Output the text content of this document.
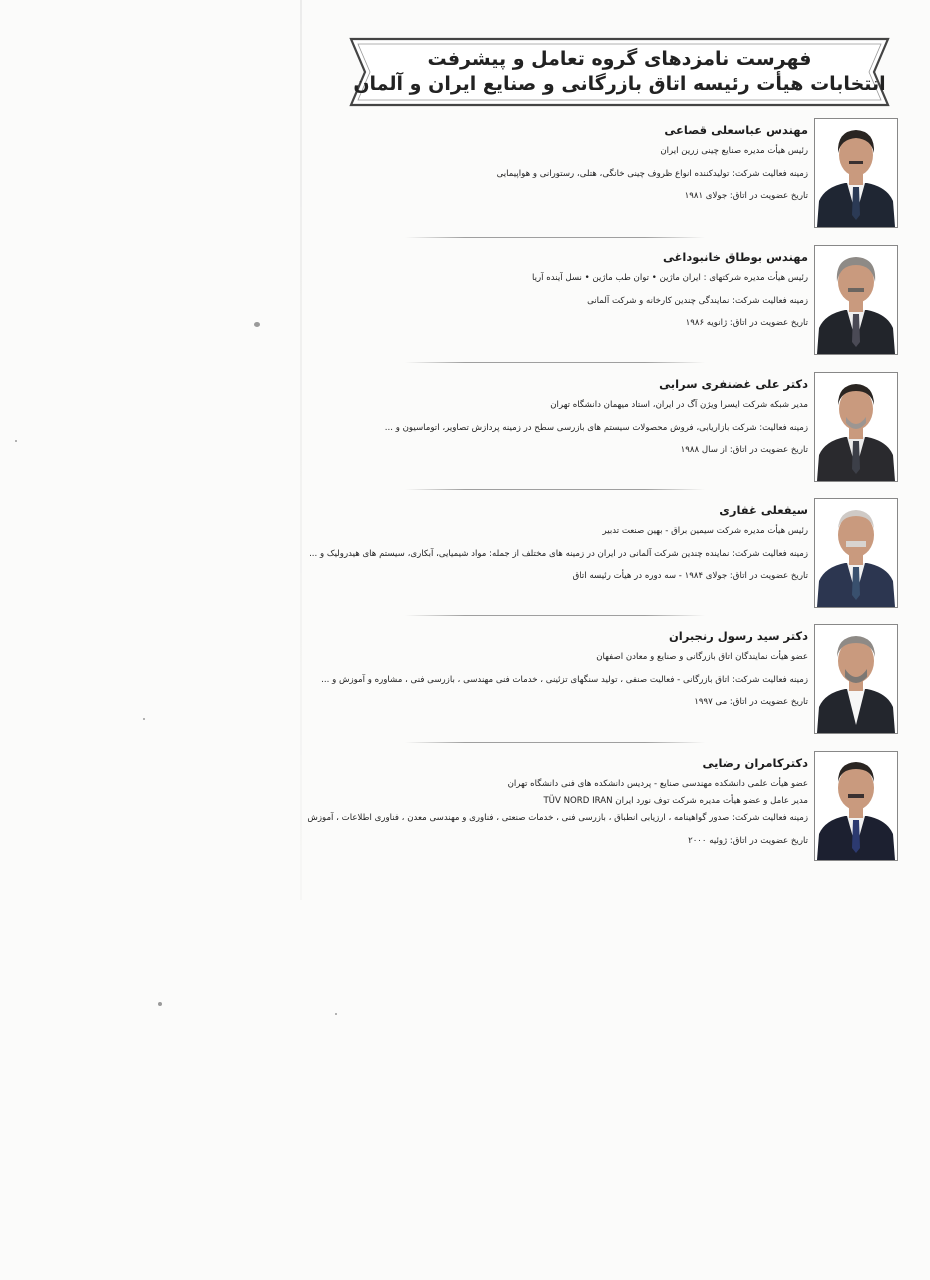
فهرست نامزدهای گروه تعامل و پیشرفت
انتخابات هیأت رئیسه اتاق بازرگانی و صنایع ایران و آلمان
مهندس عباسعلی قصاعی
رئیس هیأت مدیره صنایع چینی زرین ایران
زمینه فعالیت شرکت: تولیدکننده انواع ظروف چینی خانگی، هتلی، رستورانی و هواپیمایی
تاریخ عضویت در اتاق: جولای ۱۹۸۱
مهندس بوطاق خانبوداغی
رئیس هیأت مدیره شرکتهای : ایران ماژین • توان طب ماژین • نسل آینده آریا
زمینه فعالیت شرکت: نمایندگی چندین کارخانه و شرکت آلمانی
تاریخ عضویت در اتاق: ژانویه ۱۹۸۶
دکتر علی غضنفری سرابی
مدیر شبکه شرکت ایسرا ویژن آگ در ایران، استاد میهمان دانشگاه تهران
زمینه فعالیت: شرکت بازاریابی، فروش محصولات سیستم های بازرسی سطح در زمینه پردازش تصاویر، اتوماسیون و ...
تاریخ عضویت در اتاق: از سال ۱۹۸۸
سیفعلی غفاری
رئیس هیأت مدیره شرکت سیمین براق - بهین صنعت تدبیر
زمینه فعالیت شرکت: نماینده چندین شرکت آلمانی در ایران در زمینه های مختلف از جمله: مواد شیمیایی، آبکاری، سیستم های هیدرولیک و ...
تاریخ عضویت در اتاق: جولای ۱۹۸۴ - سه دوره در هیأت رئیسه اتاق
دکتر سید رسول رنجبران
عضو هیأت نمایندگان اتاق بازرگانی و صنایع و معادن اصفهان
زمینه فعالیت شرکت: اتاق بازرگانی - فعالیت صنفی ، تولید سنگهای تزئینی ، خدمات فنی مهندسی ، بازرسی فنی ، مشاوره و آموزش و ...
تاریخ عضویت در اتاق: می ۱۹۹۷
دکترکامران رضایی
عضو هیأت علمی دانشکده مهندسی صنایع - پردیس دانشکده های فنی دانشگاه تهران
مدیر عامل و عضو هیأت مدیره شرکت توف نورد ایران TÜV NORD IRAN
زمینه فعالیت شرکت: صدور گواهینامه ، ارزیابی انطباق ، بازرسی فنی ، خدمات صنعتی ، فناوری و مهندسی معدن ، فناوری اطلاعات ، آموزش
تاریخ عضویت در اتاق: ژوئیه ۲۰۰۰
